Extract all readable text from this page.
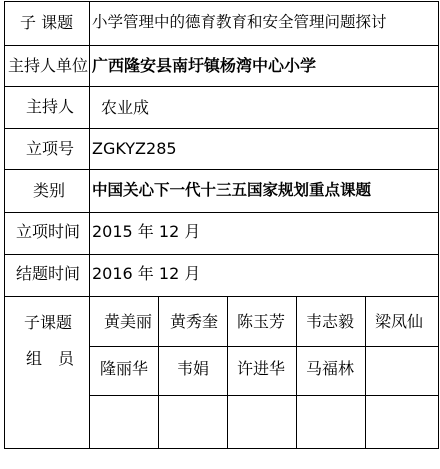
子 课题
主持人单位
主持人
立项号
类别
立项时间
结题时间
子课题
组　员
小学管理中的德育教育和安全管理问题探讨
广西隆安县南圩镇杨湾中心小学
农业成
ZGKYZ285
中国关心下一代十三五国家规划重点课题
2015 年 12 月
2016 年 12 月
黄美丽 黄秀奎 陈玉芳 韦志毅 梁凤仙
隆丽华 韦娟 许进华 马福林
